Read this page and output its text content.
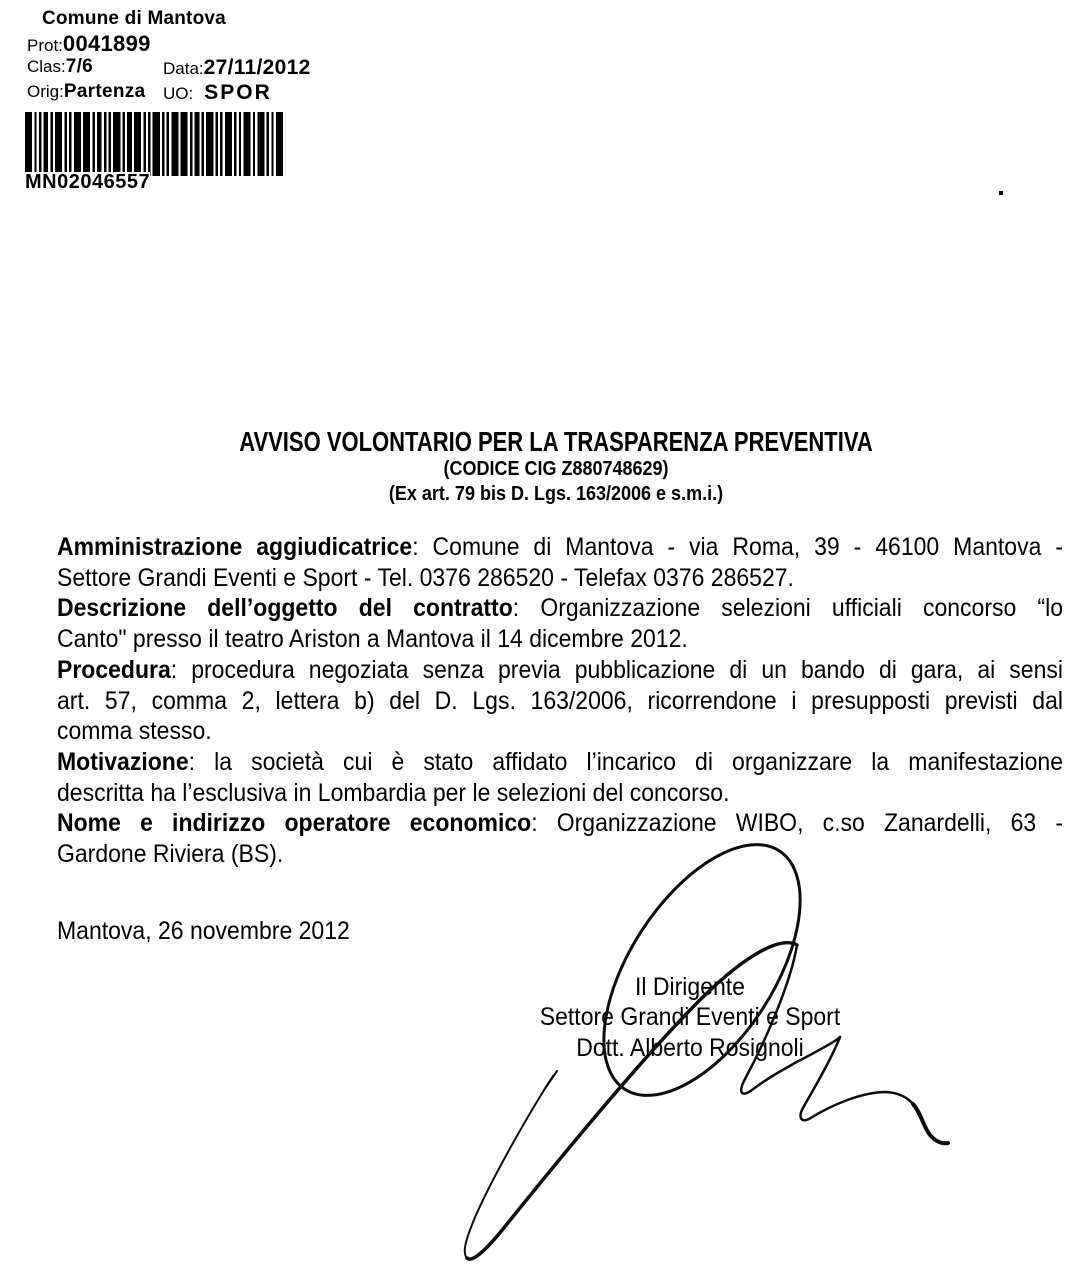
Comune di Mantova
Prot: 0041899
Clas: 7/6	Data: 27/11/2012
Orig: Partenza UO: SPOR
MN02046557
AVVISO VOLONTARIO PER LA TRASPARENZA PREVENTIVA
(CODICE CIG Z880748629)
(Ex art. 79 bis D. Lgs. 163/2006 e s.m.i.)
Amministrazione aggiudicatrice: Comune di Mantova - via Roma, 39 - 46100 Mantova -
Settore Grandi Eventi e Sport - Tel. 0376 286520 - Telefax 0376 286527.
Descrizione dell’oggetto del contratto: Organizzazione selezioni ufficiali concorso “lo
Canto" presso il teatro Ariston a Mantova il 14 dicembre 2012.
Procedura: procedura negoziata senza previa pubblicazione di un bando di gara, ai sensi
art. 57, comma 2, lettera b) del D. Lgs. 163/2006, ricorrendone i presupposti previsti dal
comma stesso.
Motivazione: la società cui è stato affidato l’incarico di organizzare la manifestazione
descritta ha l’esclusiva in Lombardia per le selezioni del concorso.
Nome e indirizzo operatore economico: Organizzazione WIBO, c.so Zanardelli, 63 -
Gardone Riviera (BS).
Mantova, 26 novembre 2012
Il Dirigente
Settore Grandi Eventi e Sport
Dott. Alberto Rosignoli
